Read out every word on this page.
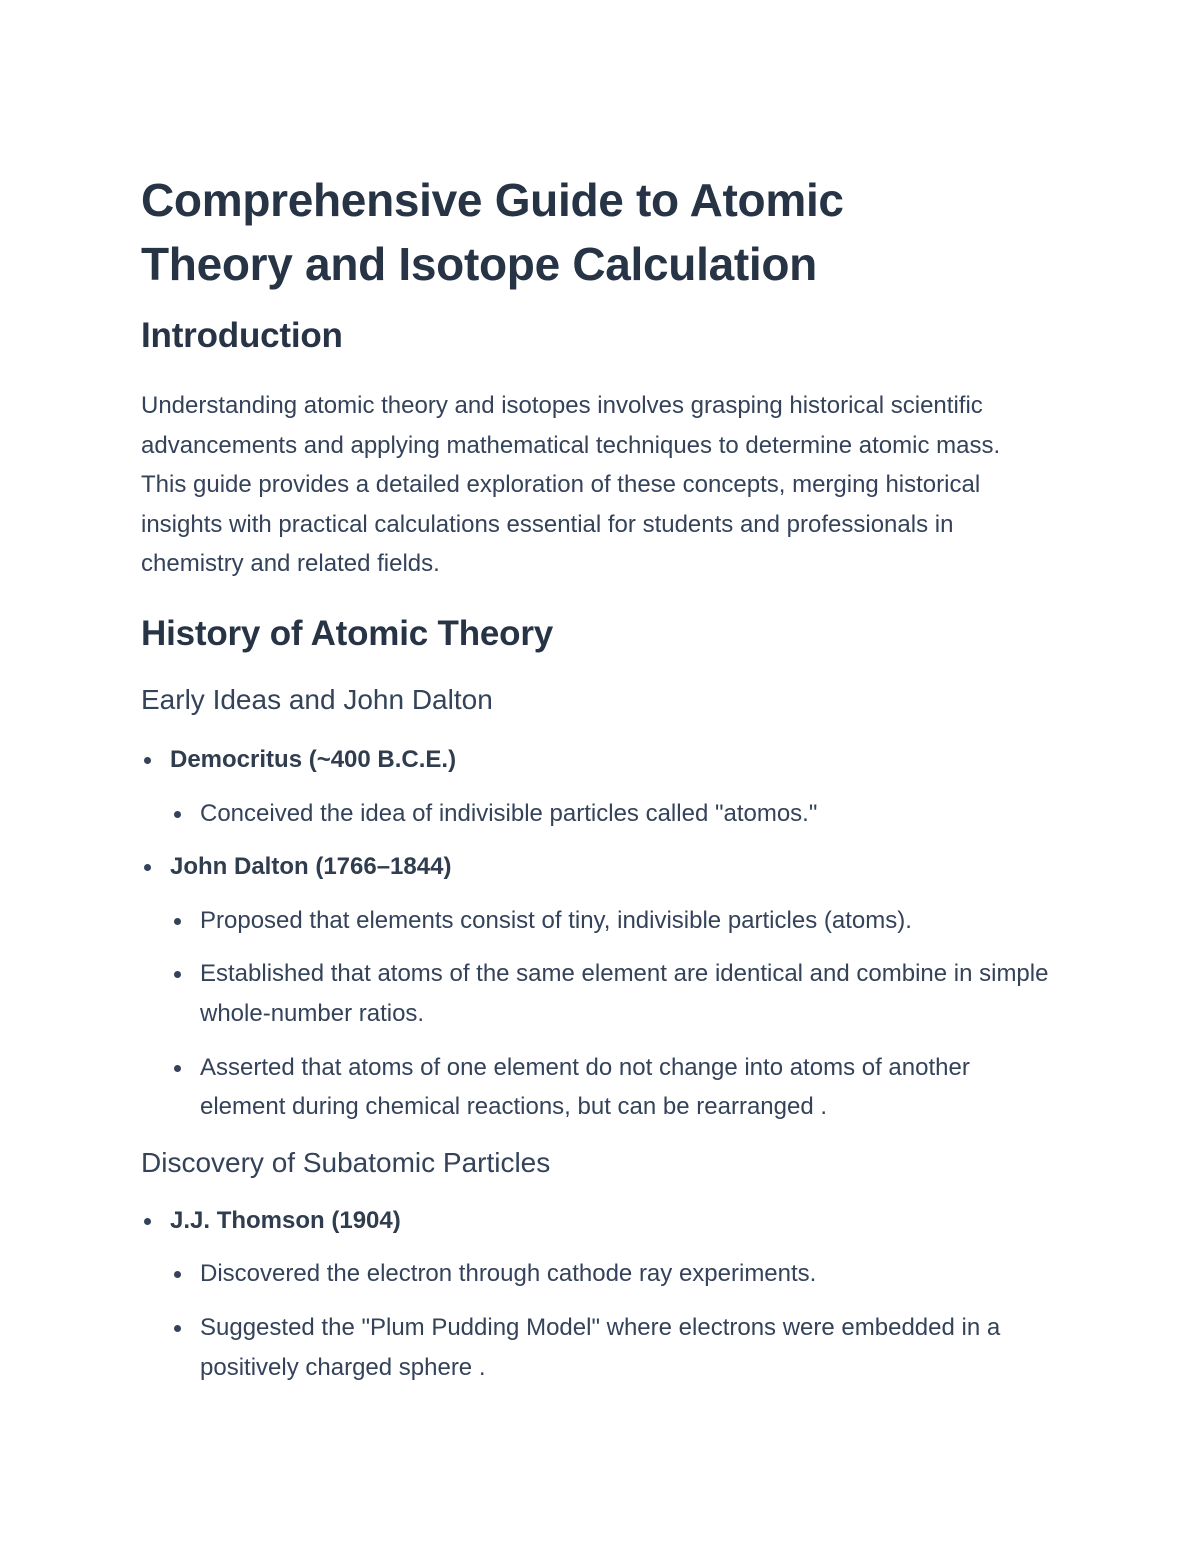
Comprehensive Guide to Atomic
Theory and Isotope Calculation
Introduction

Understanding atomic theory and isotopes involves grasping historical scientific advancements and applying mathematical techniques to determine atomic mass. This guide provides a detailed exploration of these concepts, merging historical insights with practical calculations essential for students and professionals in chemistry and related fields.

History of Atomic Theory
Early Ideas and John Dalton
Democritus (~400 B.C.E.)
Conceived the idea of indivisible particles called "atomos."
John Dalton (1766–1844)
Proposed that elements consist of tiny, indivisible particles (atoms).
Established that atoms of the same element are identical and combine in simple whole-number ratios.
Asserted that atoms of one element do not change into atoms of another element during chemical reactions, but can be rearranged .
Discovery of Subatomic Particles
J.J. Thomson (1904)
Discovered the electron through cathode ray experiments.
Suggested the "Plum Pudding Model" where electrons were embedded in a positively charged sphere .
